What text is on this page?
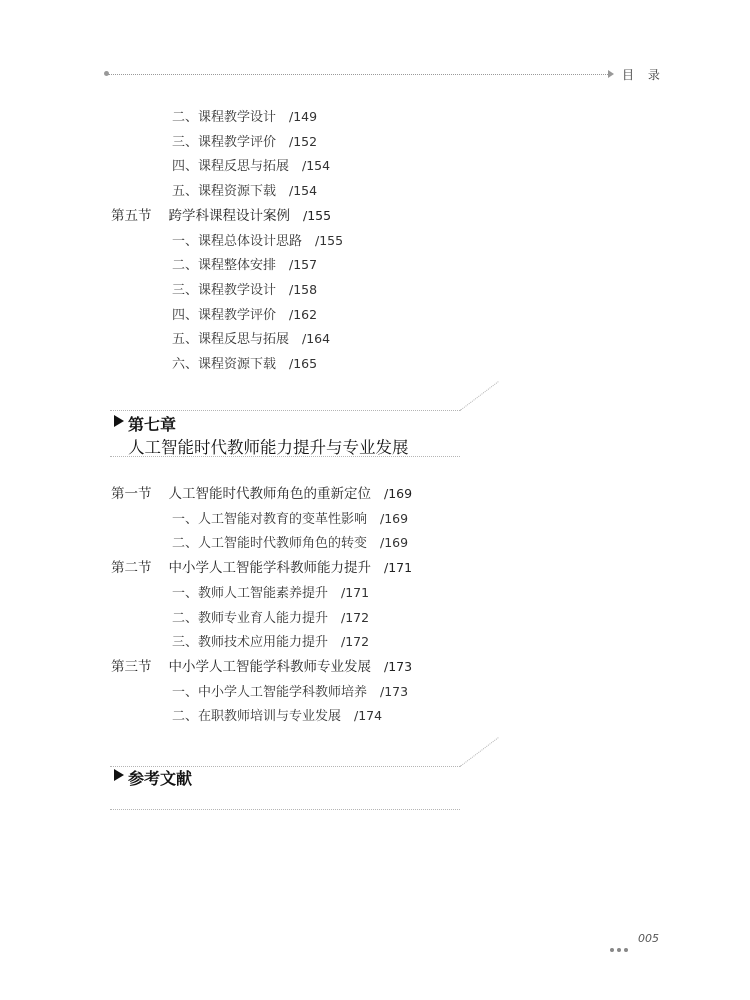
目 录
二、课程教学设计 /149
三、课程教学评价 /152
四、课程反思与拓展 /154
五、课程资源下载 /154
第五节 跨学科课程设计案例 /155
一、课程总体设计思路 /155
二、课程整体安排 /157
三、课程教学设计 /158
四、课程教学评价 /162
五、课程反思与拓展 /164
六、课程资源下载 /165
第七章
人工智能时代教师能力提升与专业发展
第一节 人工智能时代教师角色的重新定位 /169
一、人工智能对教育的变革性影响 /169
二、人工智能时代教师角色的转变 /169
第二节 中小学人工智能学科教师能力提升 /171
一、教师人工智能素养提升 /171
二、教师专业育人能力提升 /172
三、教师技术应用能力提升 /172
第三节 中小学人工智能学科教师专业发展 /173
一、中小学人工智能学科教师培养 /173
二、在职教师培训与专业发展 /174
参考文献
005
